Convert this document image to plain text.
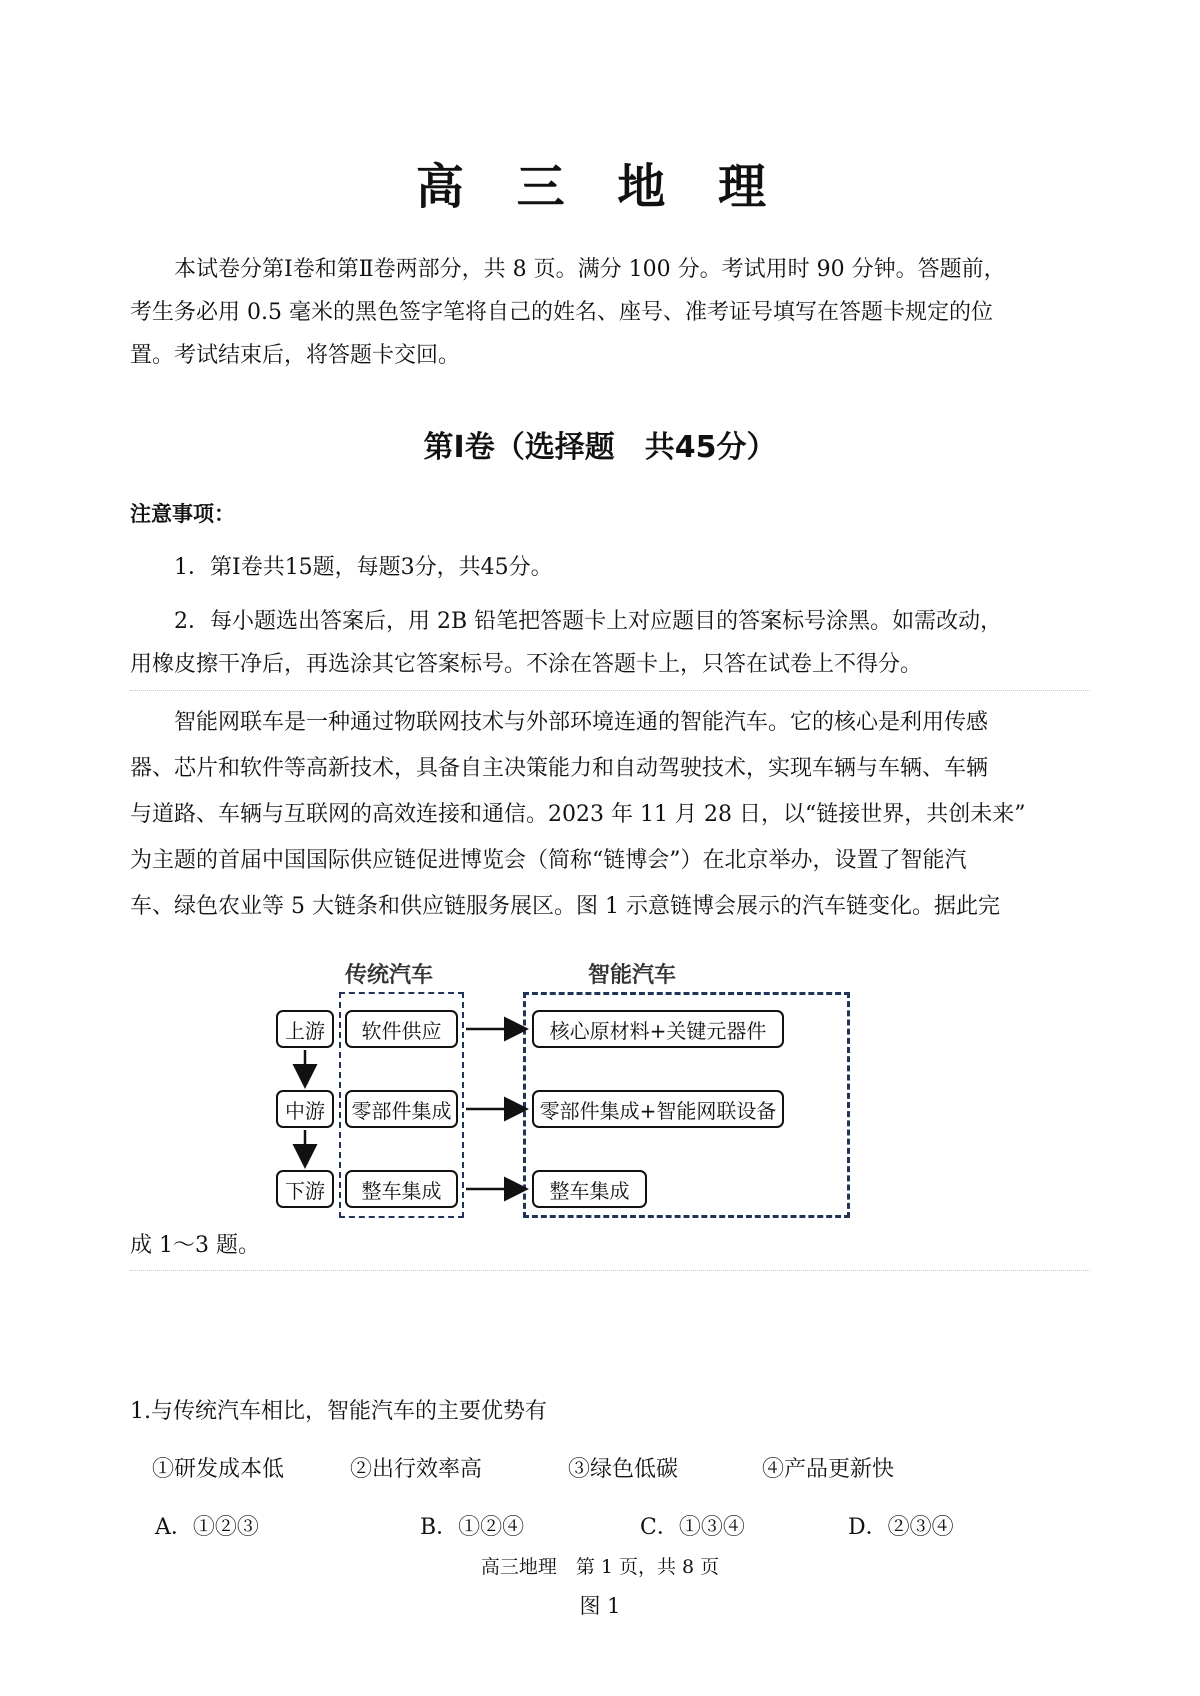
高 三 地 理
本试卷分第Ⅰ卷和第Ⅱ卷两部分，共 8 页。满分 100 分。考试用时 90 分钟。答题前，
考生务必用 0.5 毫米的黑色签字笔将自己的姓名、座号、准考证号填写在答题卡规定的位
置。考试结束后，将答题卡交回。
第Ⅰ卷（选择题　共45分）
注意事项：
1．第Ⅰ卷共15题，每题3分，共45分。
2．每小题选出答案后，用 2B 铅笔把答题卡上对应题目的答案标号涂黑。如需改动，
用橡皮擦干净后，再选涂其它答案标号。不涂在答题卡上，只答在试卷上不得分。
智能网联车是一种通过物联网技术与外部环境连通的智能汽车。它的核心是利用传感
器、芯片和软件等高新技术，具备自主决策能力和自动驾驶技术，实现车辆与车辆、车辆
与道路、车辆与互联网的高效连接和通信。2023 年 11 月 28 日，以“链接世界，共创未来”
为主题的首届中国国际供应链促进博览会（简称“链博会”）在北京举办，设置了智能汽
车、绿色农业等 5 大链条和供应链服务展区。图 1 示意链博会展示的汽车链变化。据此完
传统汽车	智能汽车
上游
中游
下游
软件供应
零部件集成
整车集成
核心原材料+关键元器件
零部件集成+智能网联设备
整车集成
成 1～3 题。
1.与传统汽车相比，智能汽车的主要优势有
①研发成本低	②出行效率高	③绿色低碳	④产品更新快
A．①②③	B．①②④	C．①③④	D．②③④
高三地理　第 1 页，共 8 页
图 1
